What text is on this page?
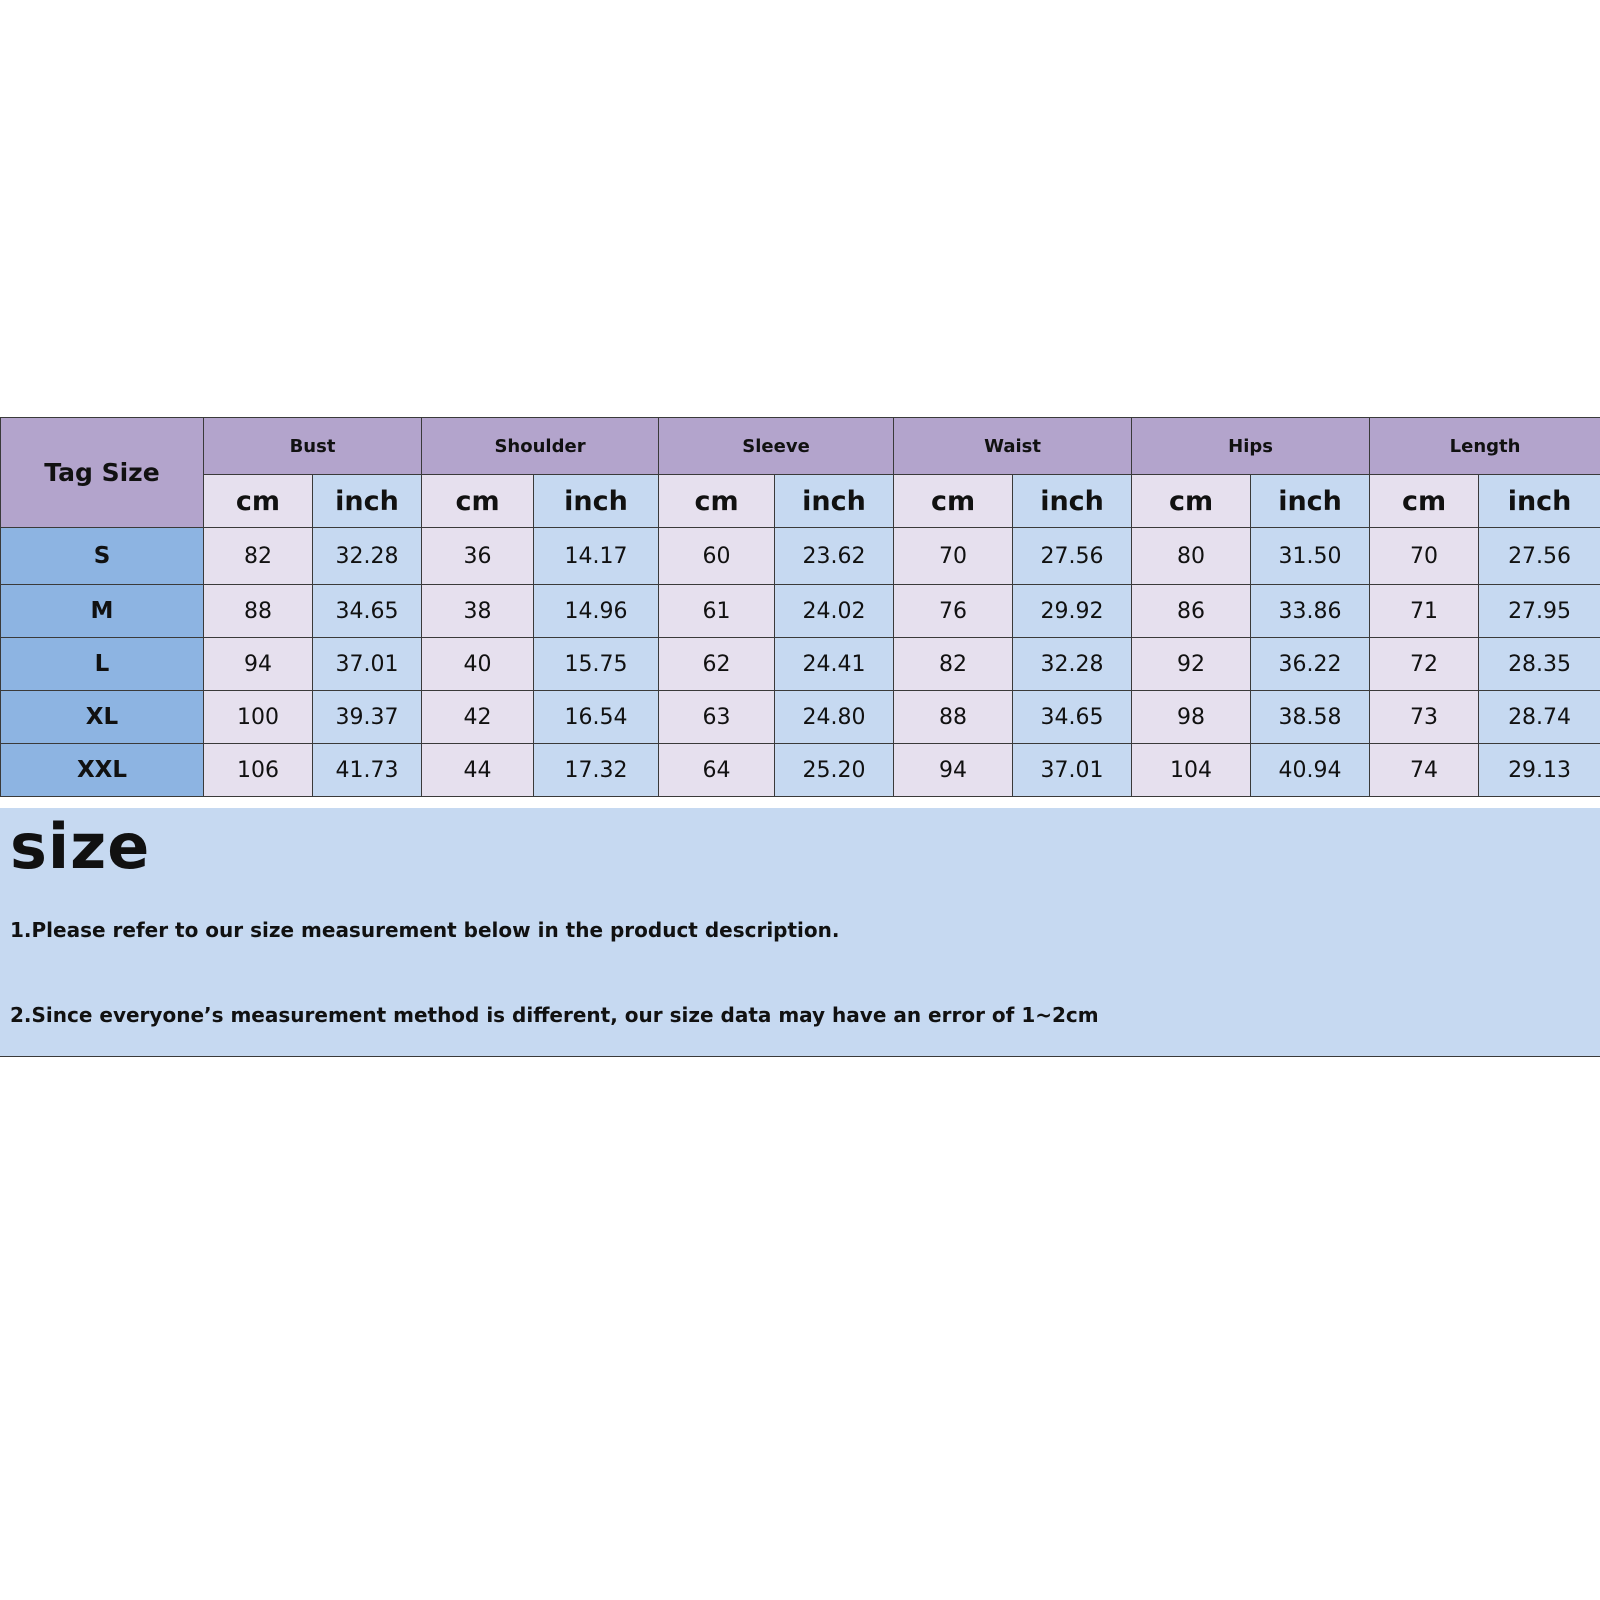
Tag Size	Bust		Shoulder		Sleeve		Waist		Hips		Length	
	cm	inch	cm	inch	cm	inch	cm	inch	cm	inch	cm	inch
S	82	32.28	36	14.17	60	23.62	70	27.56	80	31.50	70	27.56
M	88	34.65	38	14.96	61	24.02	76	29.92	86	33.86	71	27.95
L	94	37.01	40	15.75	62	24.41	82	32.28	92	36.22	72	28.35
XL	100	39.37	42	16.54	63	24.80	88	34.65	98	38.58	73	28.74
XXL	106	41.73	44	17.32	64	25.20	94	37.01	104	40.94	74	29.13
size
1.Please refer to our size measurement below in the product description.
2.Since everyone’s measurement method is different, our size data may have an error of 1~2cm
